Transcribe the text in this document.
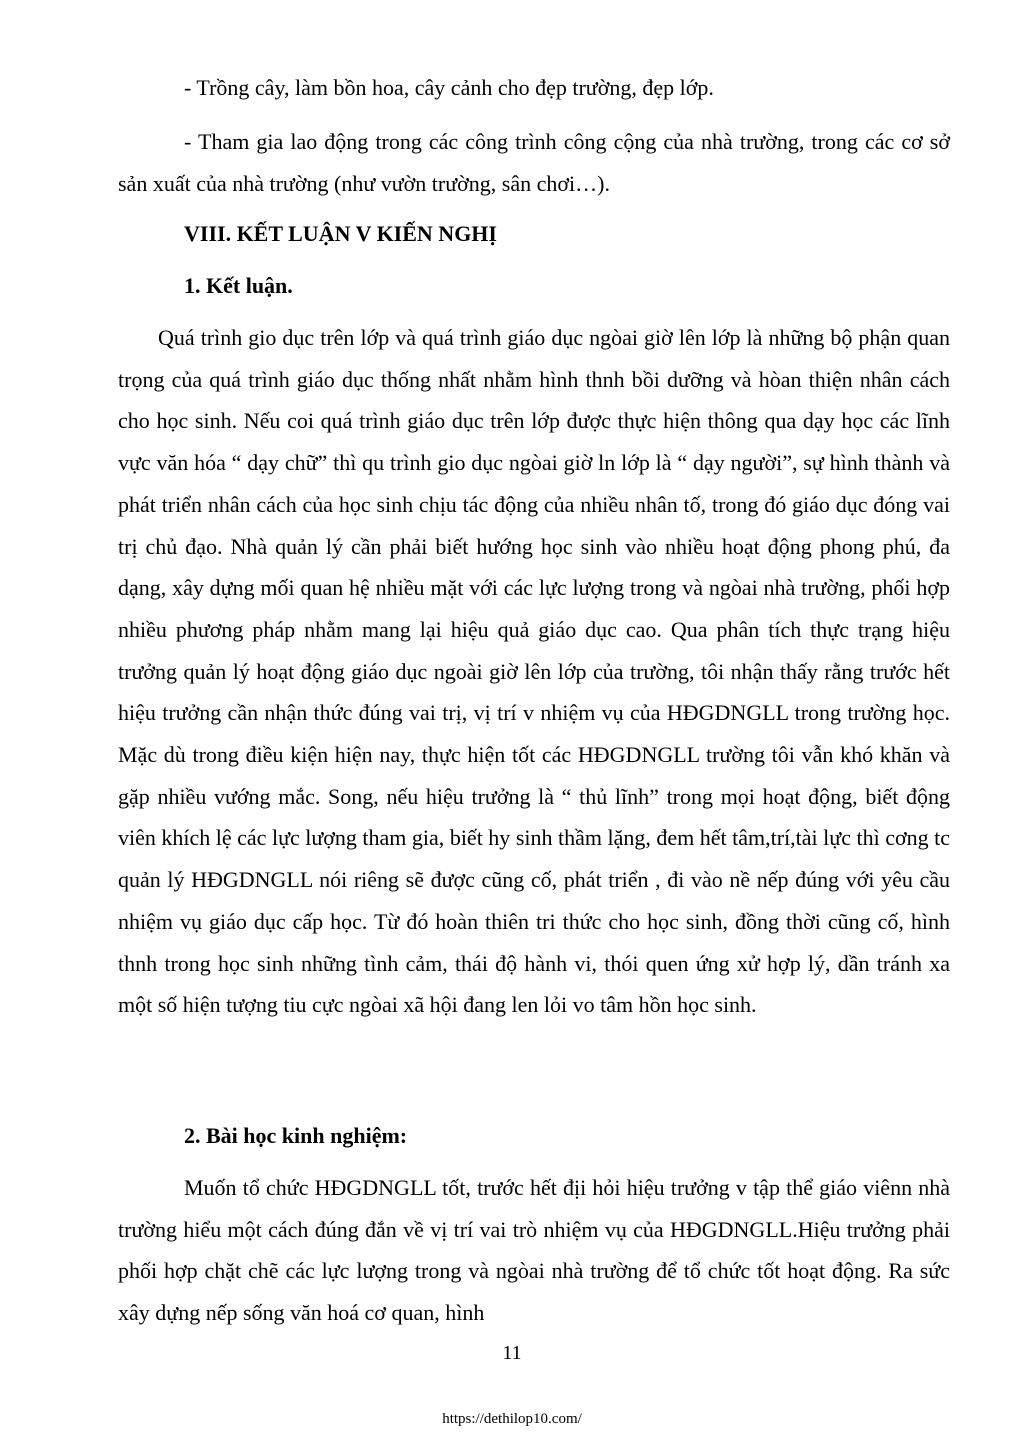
- Trồng cây, làm bồn hoa, cây cảnh cho đẹp trường, đẹp lớp.

- Tham gia lao động trong các công trình công cộng của nhà trường, trong các cơ sở sản xuất của nhà trường (như vườn trường, sân chơi…).

VIII. KẾT LUẬN V KIẾN NGHỊ

1. Kết luận.

Quá trình gio dục trên lớp và quá trình giáo dục ngòai giờ lên lớp là những bộ phận quan trọng của quá trình giáo dục thống nhất nhằm hình thnh bồi dưỡng và hòan thiện nhân cách cho học sinh. Nếu coi quá trình giáo dục trên lớp được thực hiện thông qua dạy học các lĩnh vực văn hóa “ dạy chữ” thì qu trình gio dục ngòai giờ ln lớp là “ dạy người”, sự hình thành và phát triển nhân cách của học sinh chịu tác động của nhiều nhân tố, trong đó giáo dục đóng vai trị chủ đạo. Nhà quản lý cần phải biết hướng học sinh vào nhiều hoạt động phong phú, đa dạng, xây dựng mối quan hệ nhiều mặt với các lực lượng trong và ngòai nhà trường, phối hợp nhiều phương pháp nhằm mang lại hiệu quả giáo dục cao. Qua phân tích thực trạng hiệu trưởng quản lý hoạt động giáo dục ngoài giờ lên lớp của trường, tôi nhận thấy rằng trước hết hiệu trưởng cần nhận thức đúng vai trị, vị trí v nhiệm vụ của HĐGDNGLL trong trường học. Mặc dù trong điều kiện hiện nay, thực hiện tốt các HĐGDNGLL trường tôi vẫn khó khăn và gặp nhiều vướng mắc. Song, nếu hiệu trưởng là “ thủ lĩnh” trong mọi hoạt động, biết động viên khích lệ các lực lượng tham gia, biết hy sinh thầm lặng, đem hết tâm,trí,tài lực thì cơng tc quản lý HĐGDNGLL nói riêng sẽ được cũng cố, phát triển , đi vào nề nếp đúng với yêu cầu nhiệm vụ giáo dục cấp học. Từ đó hoàn thiên tri thức cho học sinh, đồng thời cũng cố, hình thnh trong học sinh những tình cảm, thái độ hành vi, thói quen ứng xử hợp lý, dần tránh xa một số hiện tượng tiu cực ngòai xã hội đang len lỏi vo tâm hồn học sinh.

2. Bài học kinh nghiệm:

Muốn tổ chức HĐGDNGLL tốt, trước hết địi hỏi hiệu trưởng v tập thể giáo viênn nhà trường hiểu một cách đúng đắn về vị trí vai trò nhiệm vụ của HĐGDNGLL.Hiệu trưởng phải phối hợp chặt chẽ các lực lượng trong và ngòai nhà trường để tổ chức tốt hoạt động. Ra sức xây dựng nếp sống văn hoá cơ quan, hình

11
https://dethilop10.com/
